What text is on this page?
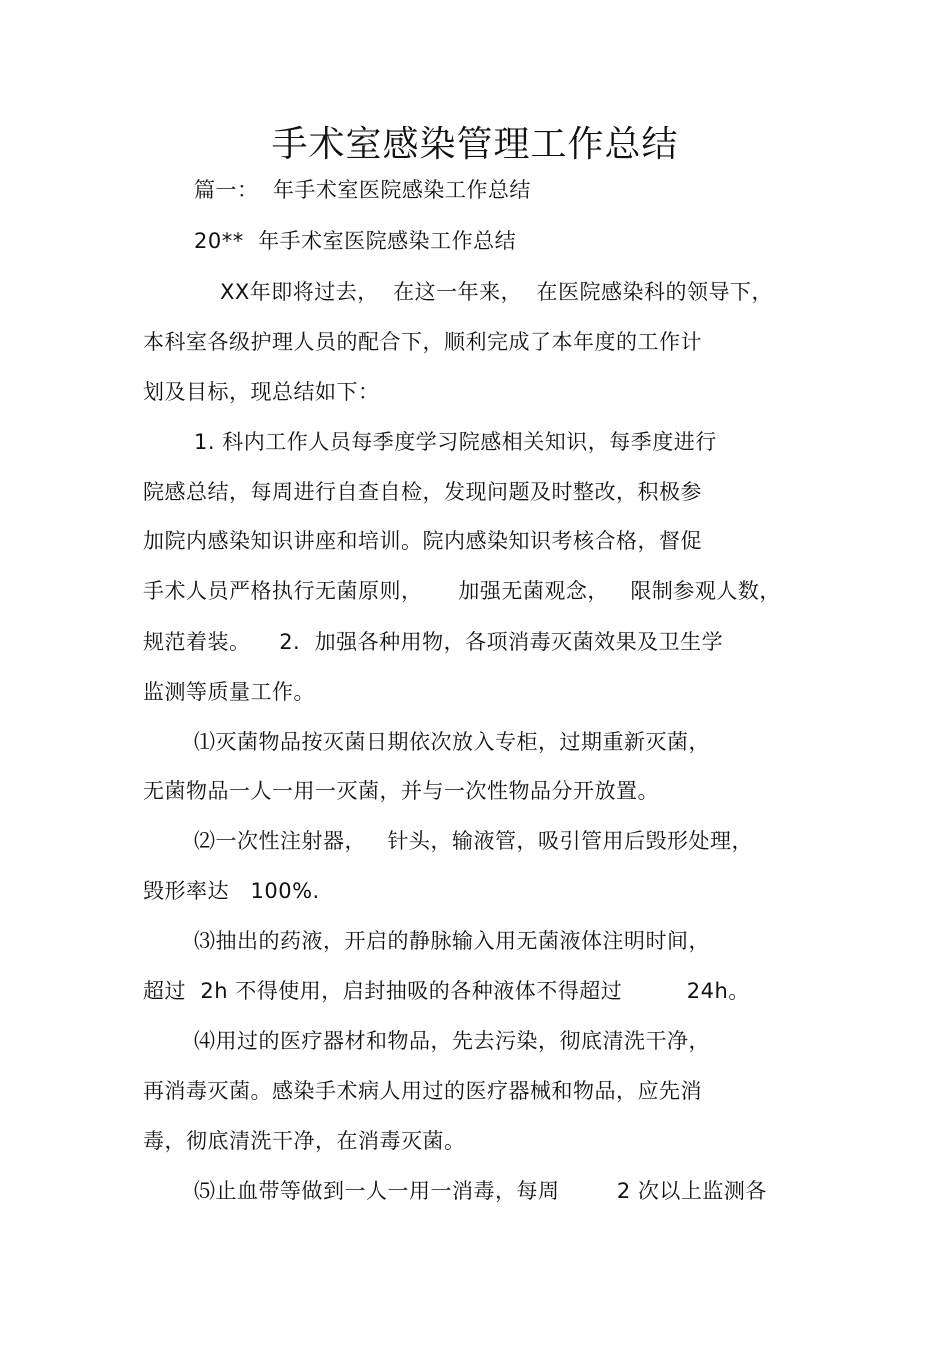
手术室感染管理工作总结
篇一：  年手术室医院感染工作总结
20**  年手术室医院感染工作总结
XX年即将过去，  在这一年来，  在医院感染科的领导下，
本科室各级护理人员的配合下，顺利完成了本年度的工作计
划及目标，现总结如下：
1. 科内工作人员每季度学习院感相关知识，每季度进行
院感总结，每周进行自查自检，发现问题及时整改，积极参
加院内感染知识讲座和培训。院内感染知识考核合格，督促
手术人员严格执行无菌原则，     加强无菌观念，   限制参观人数，
规范着装。    2.  加强各种用物，各项消毒灭菌效果及卫生学
监测等质量工作。
⑴灭菌物品按灭菌日期依次放入专柜，过期重新灭菌，
无菌物品一人一用一灭菌，并与一次性物品分开放置。
⑵一次性注射器，   针头，输液管，吸引管用后毁形处理，
毁形率达   100%.
⑶抽出的药液，开启的静脉输入用无菌液体注明时间，
超过  2h 不得使用，启封抽吸的各种液体不得超过         24h。
⑷用过的医疗器材和物品，先去污染，彻底清洗干净，
再消毒灭菌。感染手术病人用过的医疗器械和物品，应先消
毒，彻底清洗干净，在消毒灭菌。
⑸止血带等做到一人一用一消毒，每周        2 次以上监测各
